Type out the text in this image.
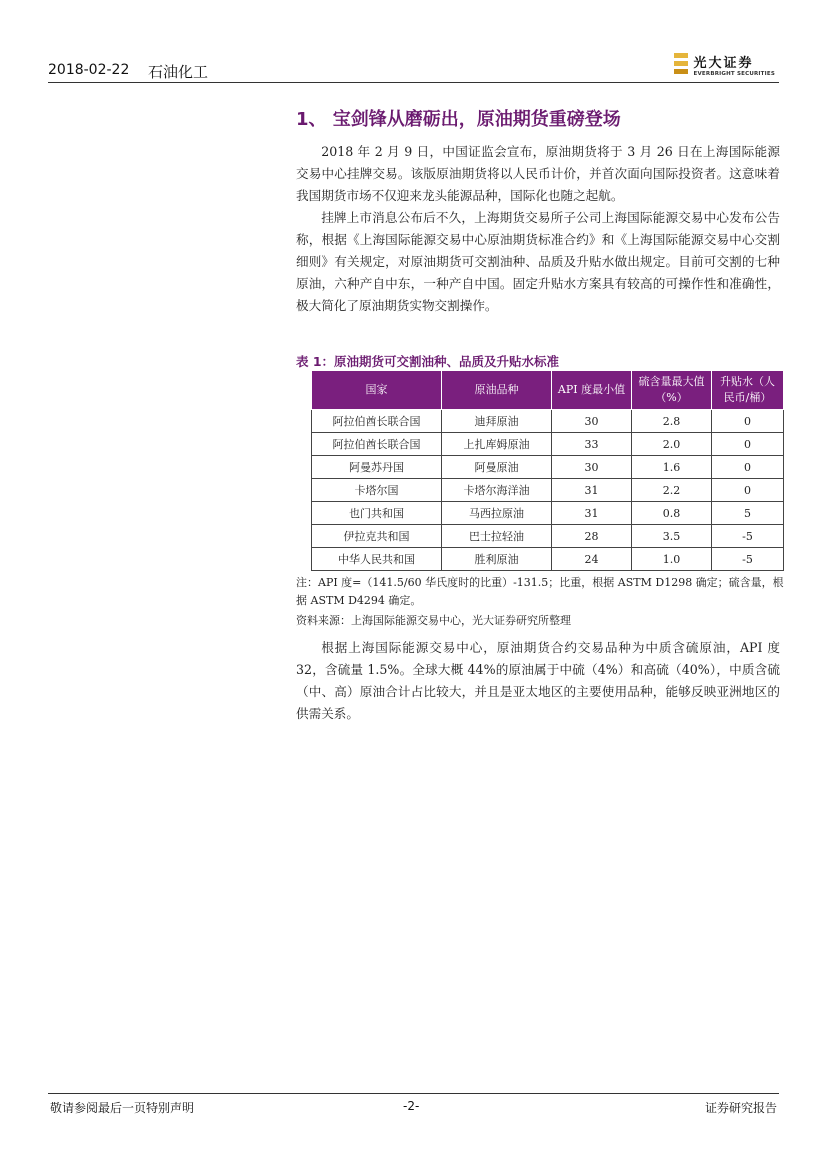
2018-02-22 石油化工	光大证券
EVERBRIGHT SECURITIES
1、 宝剑锋从磨砺出，原油期货重磅登场

2018 年 2 月 9 日，中国证监会宣布，原油期货将于 3 月 26 日在上海国际能源交易中心挂牌交易。该版原油期货将以人民币计价，并首次面向国际投资者。这意味着我国期货市场不仅迎来龙头能源品种，国际化也随之起航。

挂牌上市消息公布后不久，上海期货交易所子公司上海国际能源交易中心发布公告称，根据《上海国际能源交易中心原油期货标准合约》和《上海国际能源交易中心交割细则》有关规定，对原油期货可交割油种、品质及升贴水做出规定。目前可交割的七种原油，六种产自中东，一种产自中国。固定升贴水方案具有较高的可操作性和准确性，极大简化了原油期货实物交割操作。

表 1：原油期货可交割油种、品质及升贴水标准
国家	原油品种	API 度最小值	硫含量最大值（%）	升贴水（人民币/桶）
阿拉伯酋长联合国	迪拜原油	30	2.8	0
阿拉伯酋长联合国	上扎库姆原油	33	2.0	0
阿曼苏丹国	阿曼原油	30	1.6	0
卡塔尔国	卡塔尔海洋油	31	2.2	0
也门共和国	马西拉原油	31	0.8	5
伊拉克共和国	巴士拉轻油	28	3.5	-5
中华人民共和国	胜利原油	24	1.0	-5

注：API 度=（141.5/60 华氏度时的比重）-131.5；比重，根据 ASTM D1298 确定；硫含量，根据 ASTM D4294 确定。

资料来源：上海国际能源交易中心，光大证券研究所整理

根据上海国际能源交易中心，原油期货合约交易品种为中质含硫原油，API 度 32，含硫量 1.5%。全球大概 44%的原油属于中硫（4%）和高硫（40%），中质含硫（中、高）原油合计占比较大，并且是亚太地区的主要使用品种，能够反映亚洲地区的供需关系。

敬请参阅最后一页特别声明	-2-	证券研究报告
